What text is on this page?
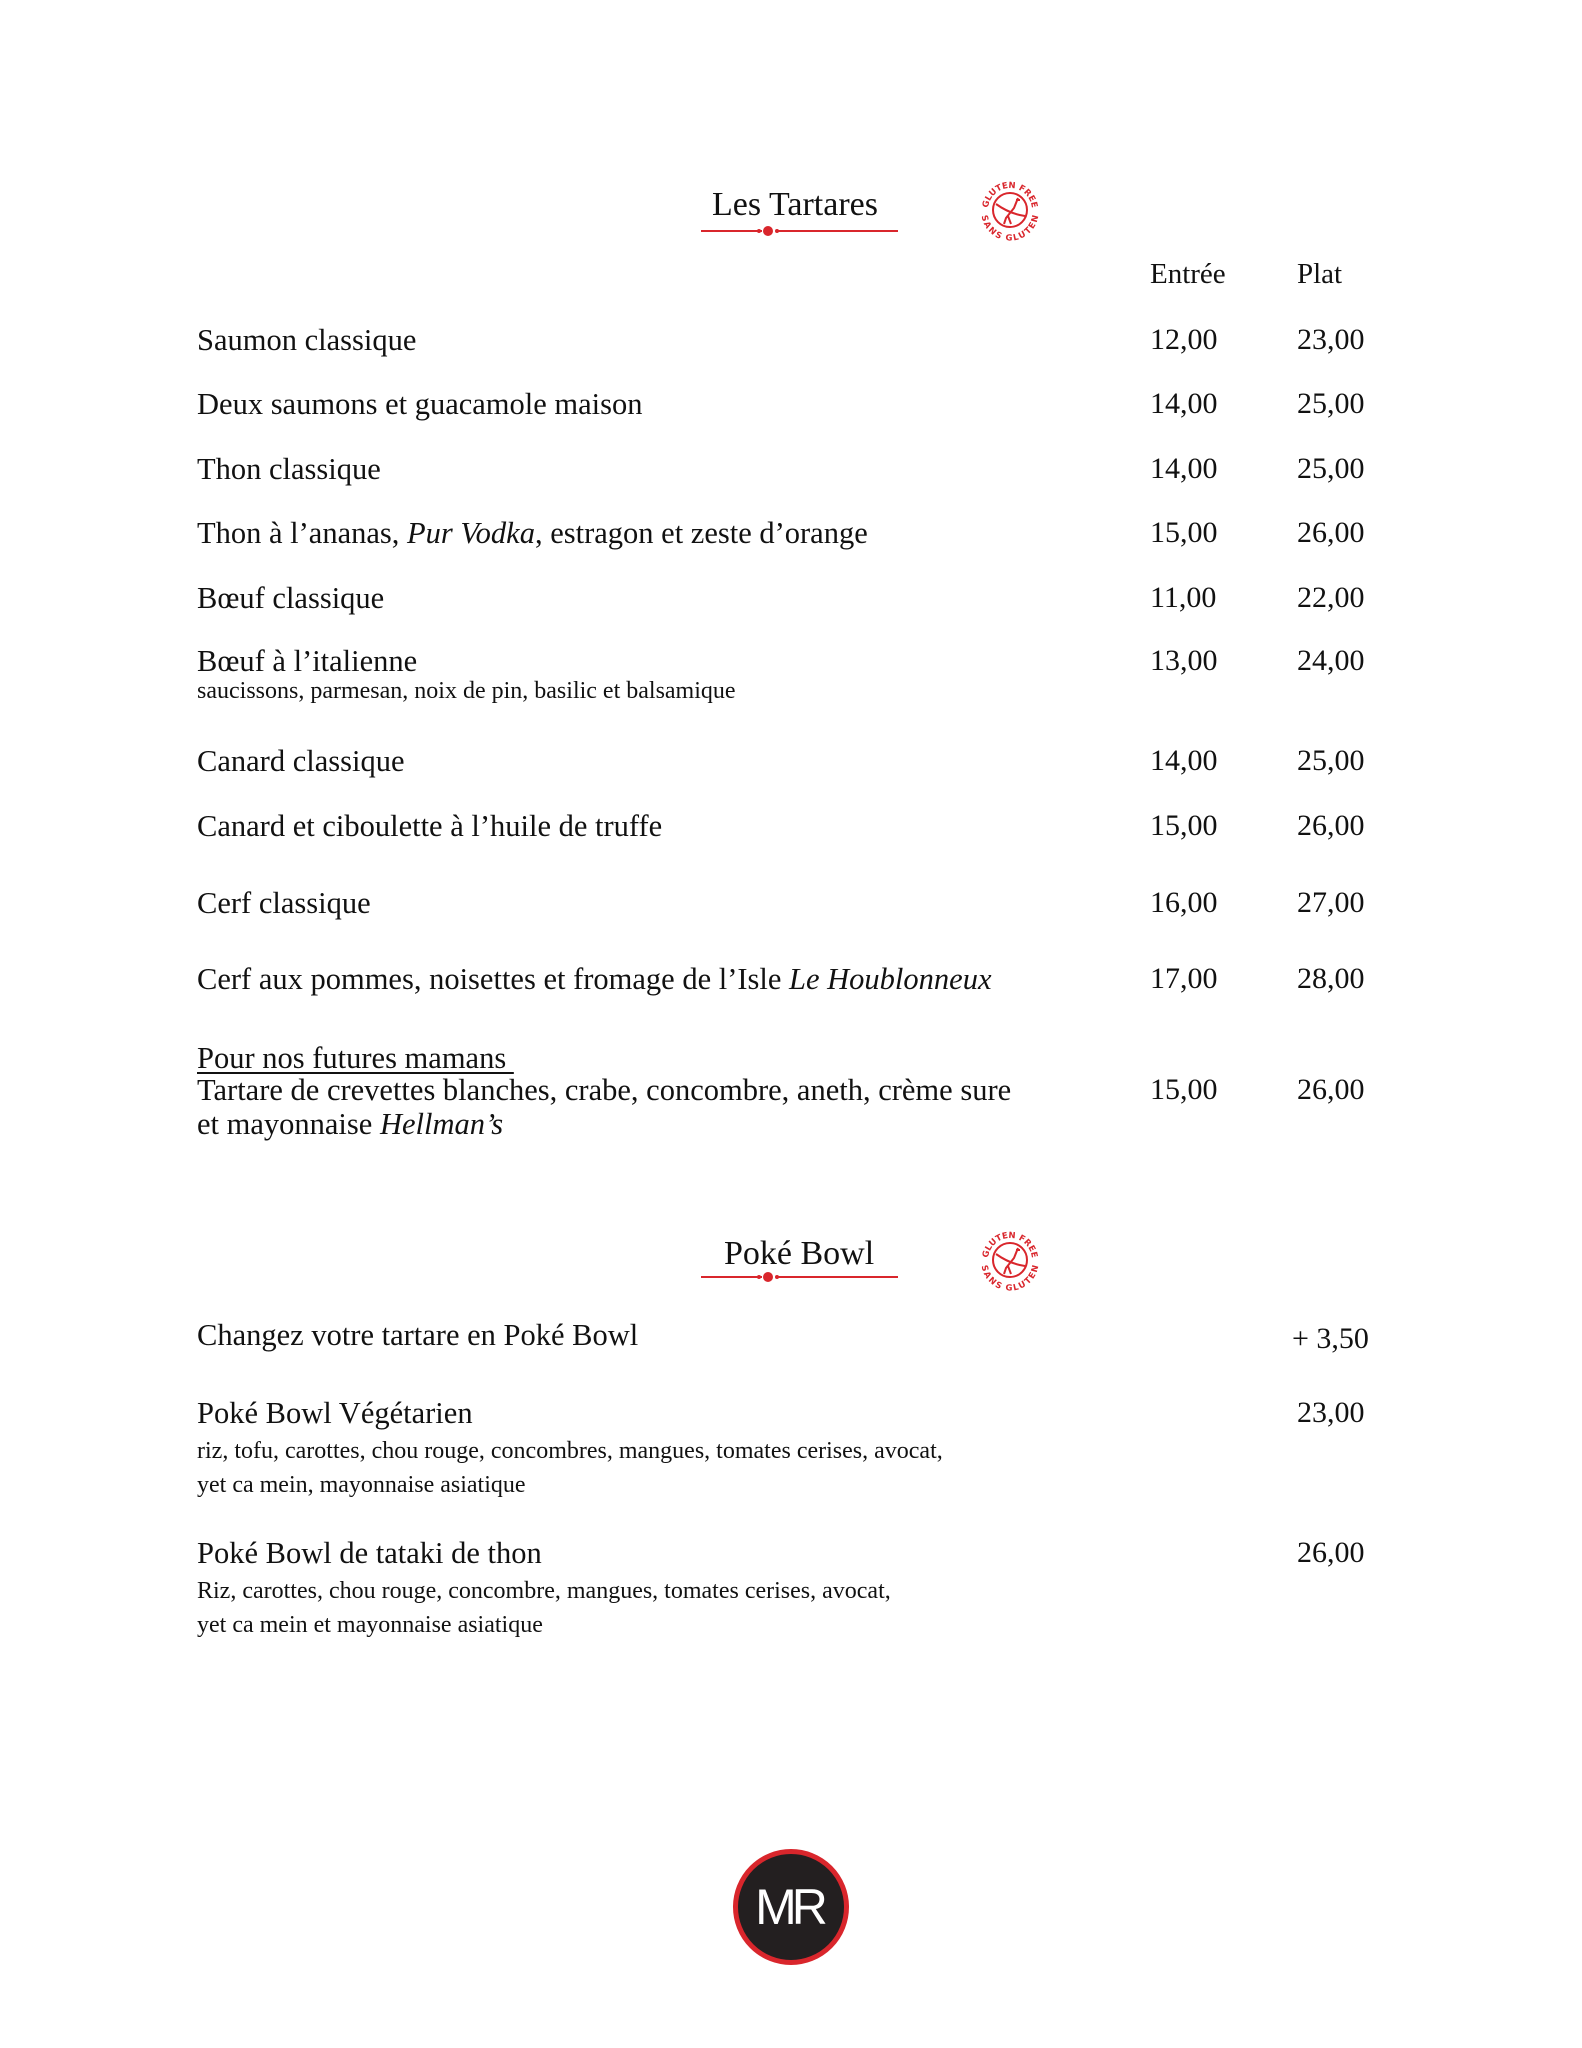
Les Tartares	GLUTEN FREE
SANS GLUTEN
Entrée Plat
Saumon classique	12,00	23,00
Deux saumons et guacamole maison	14,00	25,00
Thon classique	14,00	25,00
Thon à l’ananas, Pur Vodka, estragon et zeste d’orange	15,00	26,00
Bœuf classique	11,00	22,00
Bœuf à l’italienne
saucissons, parmesan, noix de pin, basilic et balsamique
13,00	24,00
Canard classique	14,00	25,00
Canard et ciboulette à l’huile de truffe	15,00	26,00
Cerf classique	16,00	27,00
Cerf aux pommes, noisettes et fromage de l’Isle Le Houblonneux	17,00	28,00
Pour nos futures mamans
Tartare de crevettes blanches, crabe, concombre, aneth, crème sure
et mayonnaise Hellman’s
15,00	26,00
Poké Bowl	GLUTEN FREE
SANS GLUTEN
Changez votre tartare en Poké Bowl	+ 3,50
Poké Bowl Végétarien
riz, tofu, carottes, chou rouge, concombres, mangues, tomates cerises, avocat,
yet ca mein, mayonnaise asiatique
23,00
Poké Bowl de tataki de thon
Riz, carottes, chou rouge, concombre, mangues, tomates cerises, avocat,
yet ca mein et mayonnaise asiatique
26,00
MR
